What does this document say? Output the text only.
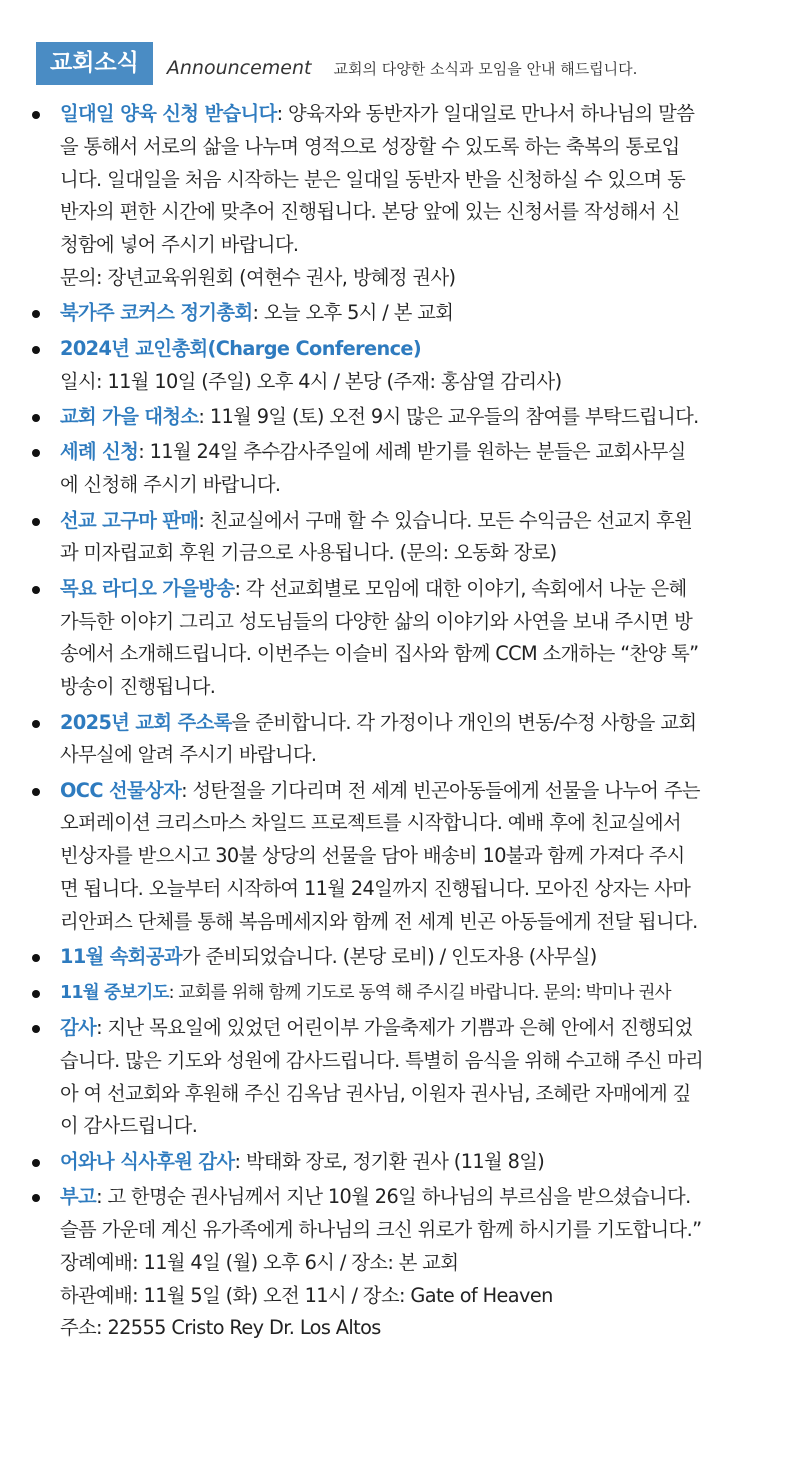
교회소식	Announcement 교회의 다양한 소식과 모임을 안내 해드립니다.
일대일 양육 신청 받습니다: 양육자와 동반자가 일대일로 만나서 하나님의 말씀
을 통해서 서로의 삶을 나누며 영적으로 성장할 수 있도록 하는 축복의 통로입
니다. 일대일을 처음 시작하는 분은 일대일 동반자 반을 신청하실 수 있으며 동
반자의 편한 시간에 맞추어 진행됩니다. 본당 앞에 있는 신청서를 작성해서 신
청함에 넣어 주시기 바랍니다.
문의: 장년교육위원회 (여현수 권사, 방혜정 권사)
북가주 코커스 정기총회: 오늘 오후 5시 / 본 교회
2024년 교인총회(Charge Conference)
일시: 11월 10일 (주일) 오후 4시 / 본당 (주재: 홍삼열 감리사)
교회 가을 대청소: 11월 9일 (토) 오전 9시 많은 교우들의 참여를 부탁드립니다.
세례 신청: 11월 24일 추수감사주일에 세례 받기를 원하는 분들은 교회사무실
에 신청해 주시기 바랍니다.
선교 고구마 판매: 친교실에서 구매 할 수 있습니다. 모든 수익금은 선교지 후원
과 미자립교회 후원 기금으로 사용됩니다. (문의: 오동화 장로)
목요 라디오 가을방송: 각 선교회별로 모임에 대한 이야기, 속회에서 나눈 은혜
가득한 이야기 그리고 성도님들의 다양한 삶의 이야기와 사연을 보내 주시면 방
송에서 소개해드립니다. 이번주는 이슬비 집사와 함께 CCM 소개하는 “찬양 톡”
방송이 진행됩니다.
2025년 교회 주소록을 준비합니다. 각 가정이나 개인의 변동/수정 사항을 교회
사무실에 알려 주시기 바랍니다.
OCC 선물상자: 성탄절을 기다리며 전 세계 빈곤아동들에게 선물을 나누어 주는
오퍼레이션 크리스마스 차일드 프로젝트를 시작합니다. 예배 후에 친교실에서
빈상자를 받으시고 30불 상당의 선물을 담아 배송비 10불과 함께 가져다 주시
면 됩니다. 오늘부터 시작하여 11월 24일까지 진행됩니다. 모아진 상자는 사마
리안퍼스 단체를 통해 복음메세지와 함께 전 세계 빈곤 아동들에게 전달 됩니다.
11월 속회공과가 준비되었습니다. (본당 로비) / 인도자용 (사무실)
11월 중보기도: 교회를 위해 함께 기도로 동역 해 주시길 바랍니다. 문의: 박미나 권사
감사: 지난 목요일에 있었던 어린이부 가을축제가 기쁨과 은혜 안에서 진행되었
습니다. 많은 기도와 성원에 감사드립니다. 특별히 음식을 위해 수고해 주신 마리
아 여 선교회와 후원해 주신 김옥남 권사님, 이원자 권사님, 조혜란 자매에게 깊
이 감사드립니다.
어와나 식사후원 감사: 박태화 장로, 정기환 권사 (11월 8일)
부고: 고 한명순 권사님께서 지난 10월 26일 하나님의 부르심을 받으셨습니다.
슬픔 가운데 계신 유가족에게 하나님의 크신 위로가 함께 하시기를 기도합니다.”
장례예배: 11월 4일 (월) 오후 6시 / 장소: 본 교회
하관예배: 11월 5일 (화) 오전 11시 / 장소: Gate of Heaven
주소: 22555 Cristo Rey Dr. Los Altos
